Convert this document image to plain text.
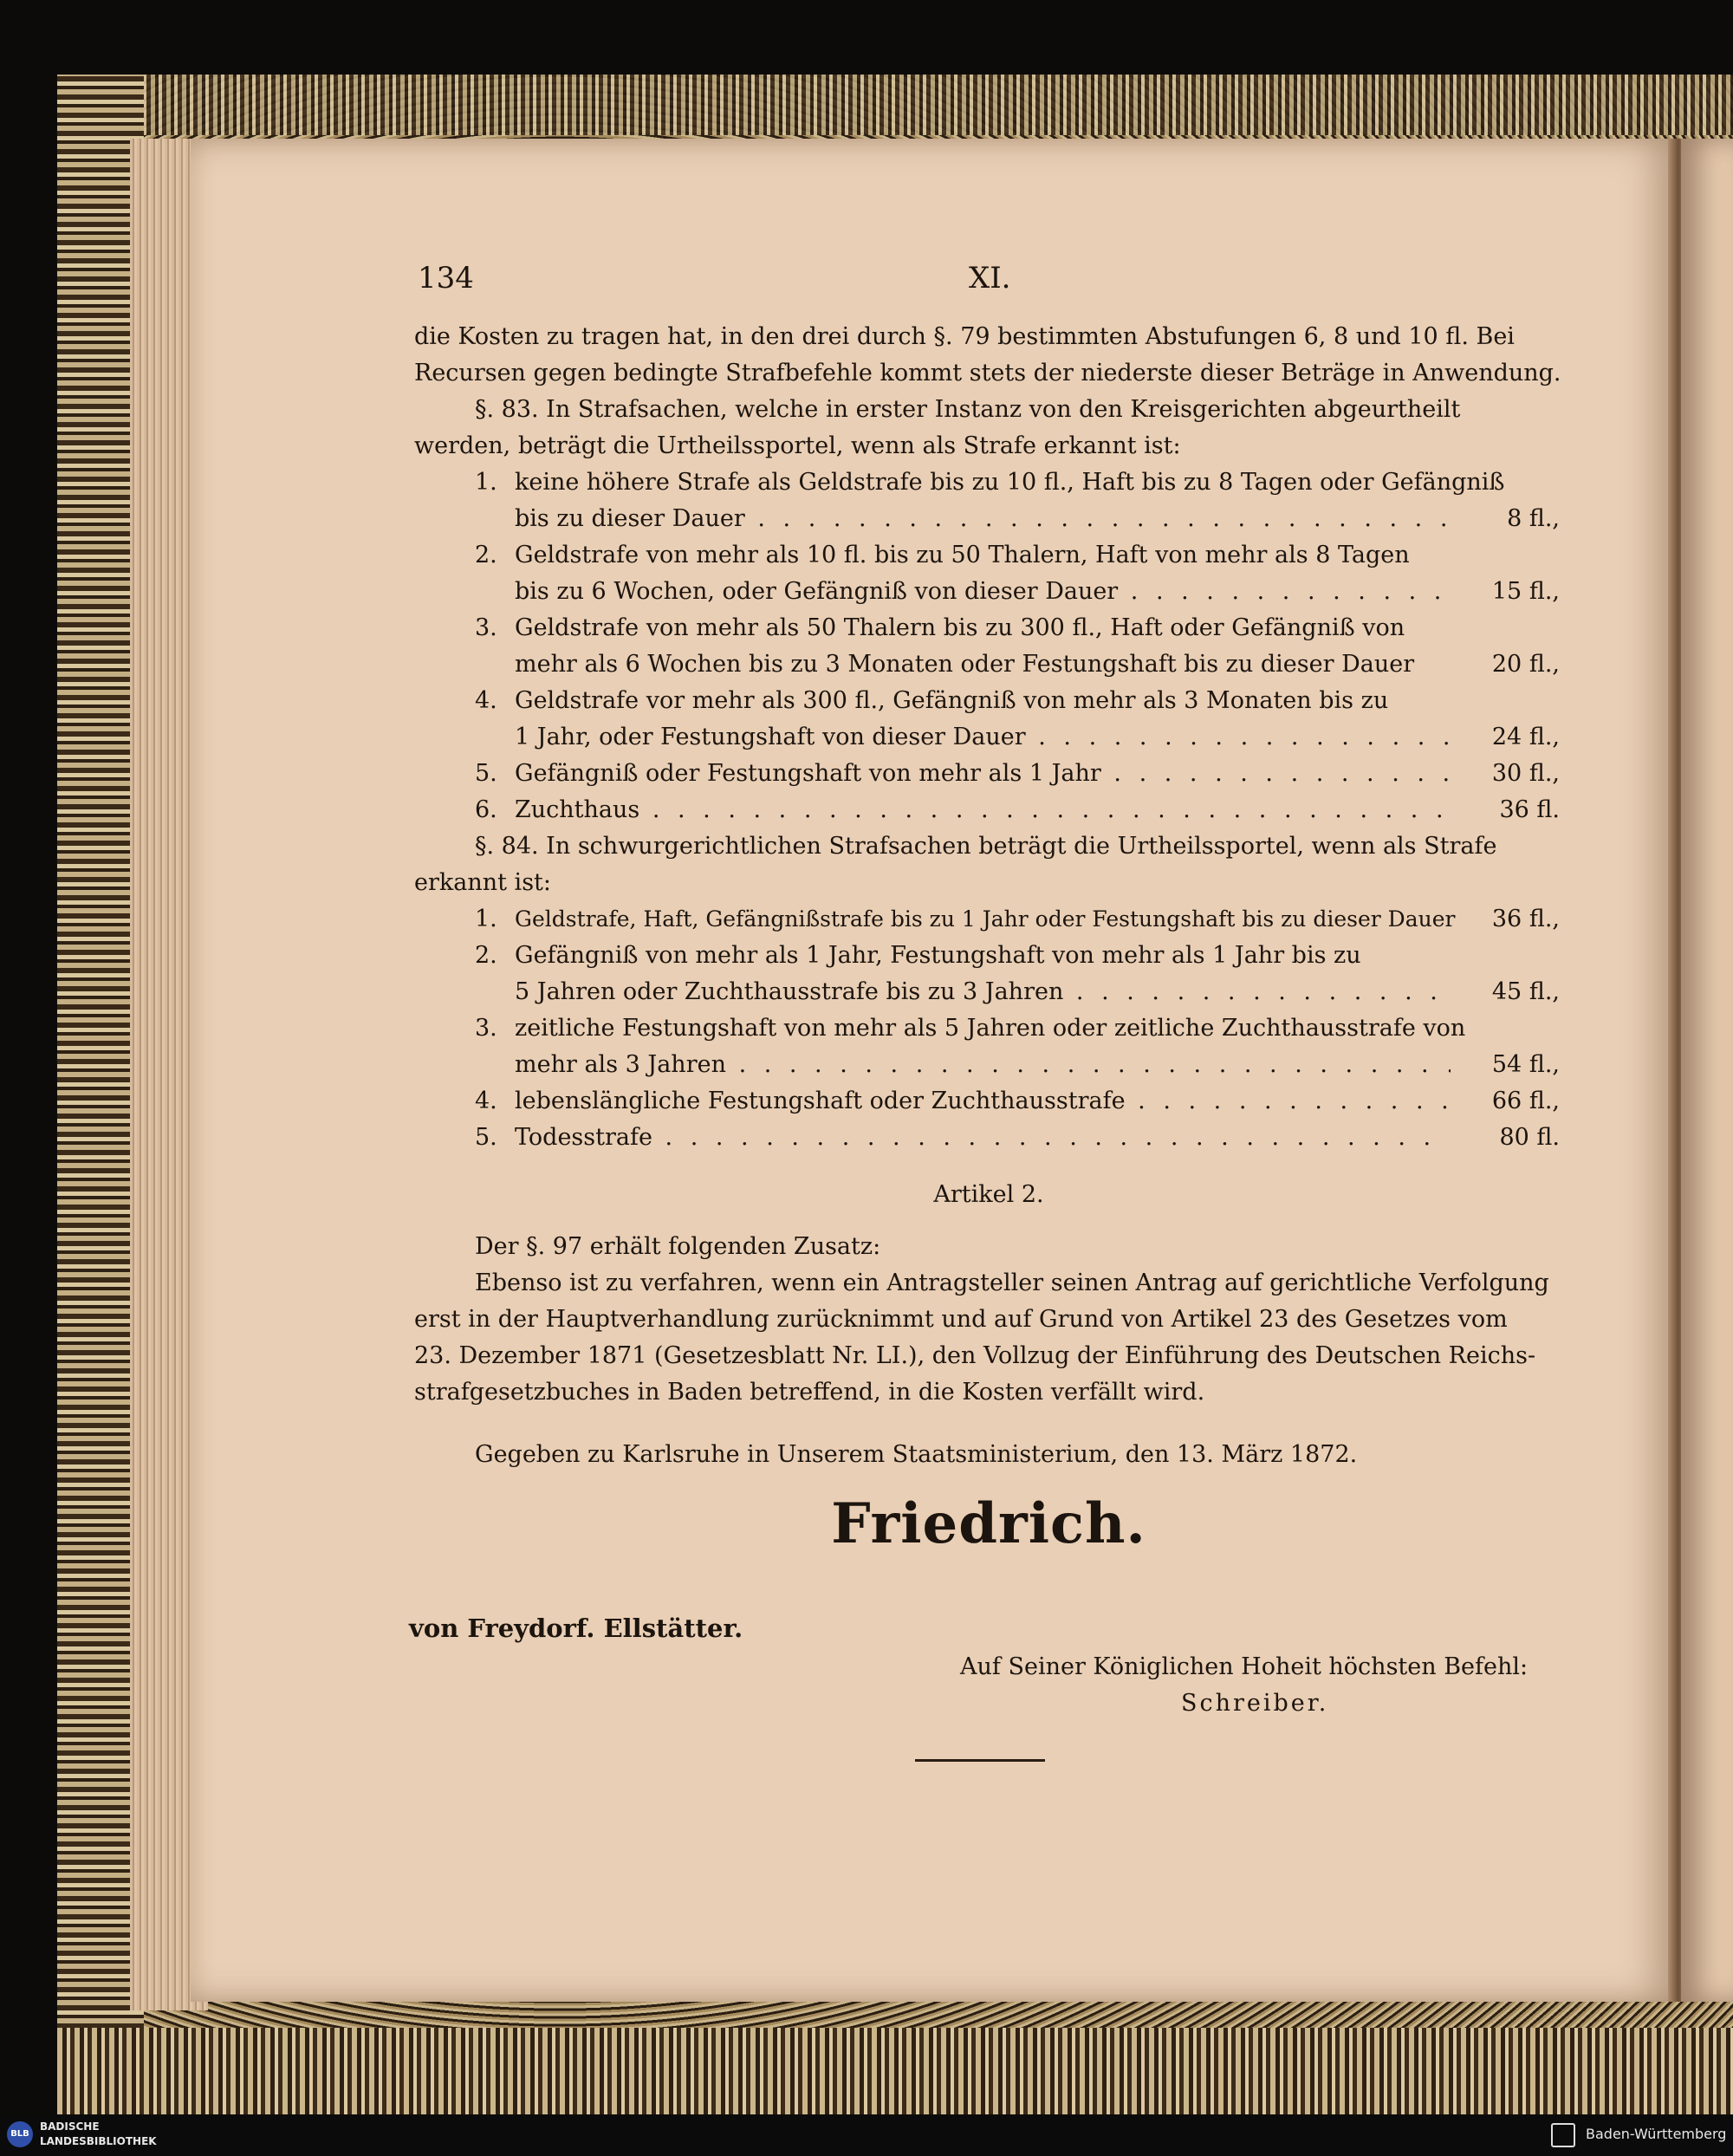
134	XI.
die Kosten zu tragen hat, in den drei durch §. 79 bestimmten Abstufungen 6, 8 und 10 fl. Bei
Recursen gegen bedingte Strafbefehle kommt stets der niederste dieser Beträge in Anwendung.
§. 83. In Strafsachen, welche in erster Instanz von den Kreisgerichten abgeurtheilt
werden, beträgt die Urtheilssportel, wenn als Strafe erkannt ist:
1. keine höhere Strafe als Geldstrafe bis zu 10 fl., Haft bis zu 8 Tagen oder Gefängniß
bis zu dieser Dauer . . .	8 fl.,
2. Geldstrafe von mehr als 10 fl. bis zu 50 Thalern, Haft von mehr als 8 Tagen
bis zu 6 Wochen, oder Gefängniß von dieser Dauer . . .	15 fl.,
3. Geldstrafe von mehr als 50 Thalern bis zu 300 fl., Haft oder Gefängniß von
mehr als 6 Wochen bis zu 3 Monaten oder Festungshaft bis zu dieser Dauer	20 fl.,
4. Geldstrafe vor mehr als 300 fl., Gefängniß von mehr als 3 Monaten bis zu
1 Jahr, oder Festungshaft von dieser Dauer . . .	24 fl.,
5. Gefängniß oder Festungshaft von mehr als 1 Jahr . . .	30 fl.,
6. Zuchthaus . . .	36 fl.
§. 84. In schwurgerichtlichen Strafsachen beträgt die Urtheilssportel, wenn als Strafe
erkannt ist:
1. Geldstrafe, Haft, Gefängnißstrafe bis zu 1 Jahr oder Festungshaft bis zu dieser Dauer	36 fl.,
2. Gefängniß von mehr als 1 Jahr, Festungshaft von mehr als 1 Jahr bis zu
5 Jahren oder Zuchthausstrafe bis zu 3 Jahren . . .	45 fl.,
3. zeitliche Festungshaft von mehr als 5 Jahren oder zeitliche Zuchthausstrafe von
mehr als 3 Jahren . . .	54 fl.,
4. lebenslängliche Festungshaft oder Zuchthausstrafe . . .	66 fl.,
5. Todesstrafe . . .	80 fl.
Artikel 2.
Der §. 97 erhält folgenden Zusatz:
Ebenso ist zu verfahren, wenn ein Antragsteller seinen Antrag auf gerichtliche Verfolgung
erst in der Hauptverhandlung zurücknimmt und auf Grund von Artikel 23 des Gesetzes vom
23. Dezember 1871 (Gesetzesblatt Nr. LI.), den Vollzug der Einführung des Deutschen Reichs-
strafgesetzbuches in Baden betreffend, in die Kosten verfällt wird.
Gegeben zu Karlsruhe in Unserem Staatsministerium, den 13. März 1872.
Friedrich.
von Freydorf. Ellstätter.
Auf Seiner Königlichen Hoheit höchsten Befehl:
Schreiber.
BLB
BADISCHE
LANDESBIBLIOTHEK	Baden-Württemberg
